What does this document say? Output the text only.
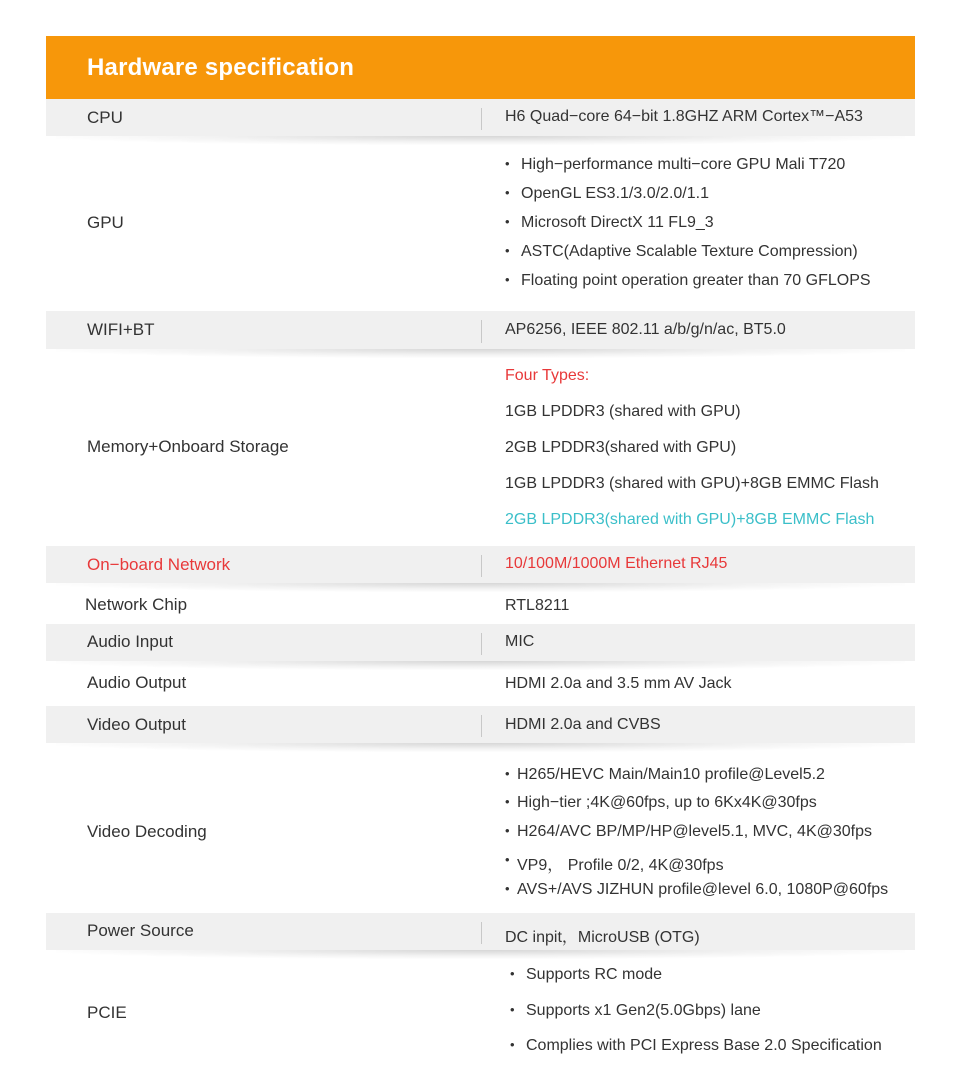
Hardware specification
CPU	H6 Quad−core 64−bit 1.8GHZ ARM Cortex™−A53
GPU
• High−performance multi−core GPU Mali T720
• OpenGL ES3.1/3.0/2.0/1.1
• Microsoft DirectX 11 FL9_3
• ASTC(Adaptive Scalable Texture Compression)
• Floating point operation greater than 70 GFLOPS
WIFI+BT	AP6256, IEEE 802.11 a/b/g/n/ac, BT5.0
Memory+Onboard Storage
Four Types:
1GB LPDDR3 (shared with GPU)
2GB LPDDR3(shared with GPU)
1GB LPDDR3 (shared with GPU)+8GB EMMC Flash
2GB LPDDR3(shared with GPU)+8GB EMMC Flash
On−board Network	10/100M/1000M Ethernet RJ45
Network Chip	RTL8211
Audio Input	MIC
Audio Output	HDMI 2.0a and 3.5 mm AV Jack
Video Output	HDMI 2.0a and CVBS
Video Decoding
• H265/HEVC Main/Main10 profile@Level5.2
• High−tier ;4K@60fps, up to 6Kx4K@30fps
• H264/AVC BP/MP/HP@level5.1, MVC, 4K@30fps
• VP9， Profile 0/2, 4K@30fps
• AVS+/AVS JIZHUN profile@level 6.0, 1080P@60fps
Power Source	DC inpit，MicroUSB (OTG)
PCIE
• Supports RC mode
• Supports x1 Gen2(5.0Gbps) lane
• Complies with PCI Express Base 2.0 Specification
